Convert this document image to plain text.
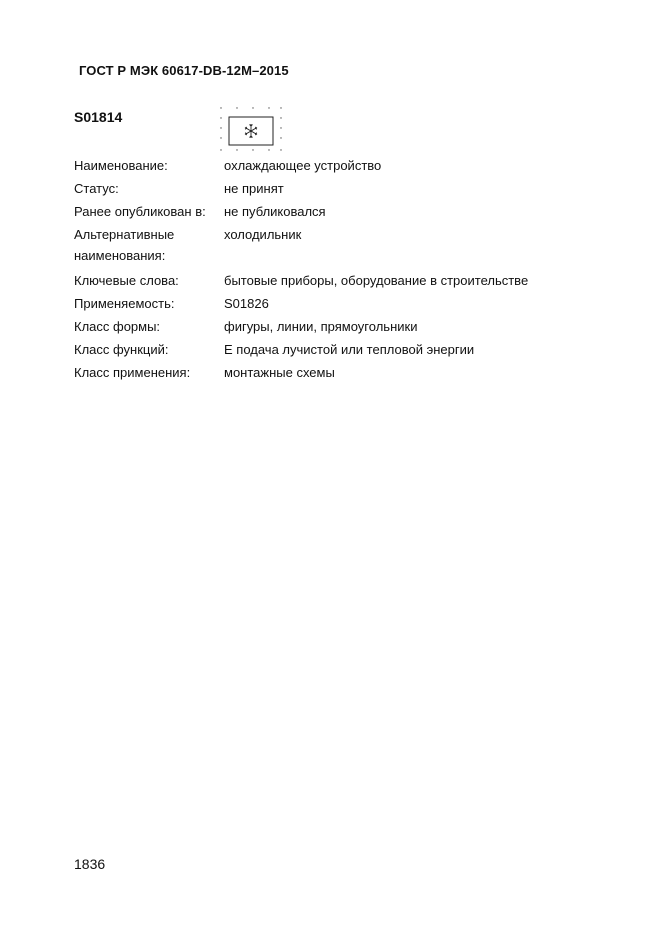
ГОСТ Р МЭК 60617-DB-12M–2015
S01814
Наименование:	охлаждающее устройство
Статус:	не принят
Ранее опубликован в:	не публиковался
Альтернативные наименования:	холодильник
Ключевые слова:	бытовые приборы, оборудование в строительстве
Применяемость:	S01826
Класс формы:	фигуры, линии, прямоугольники
Класс функций:	E подача лучистой или тепловой энергии
Класс применения:	монтажные схемы
1836
